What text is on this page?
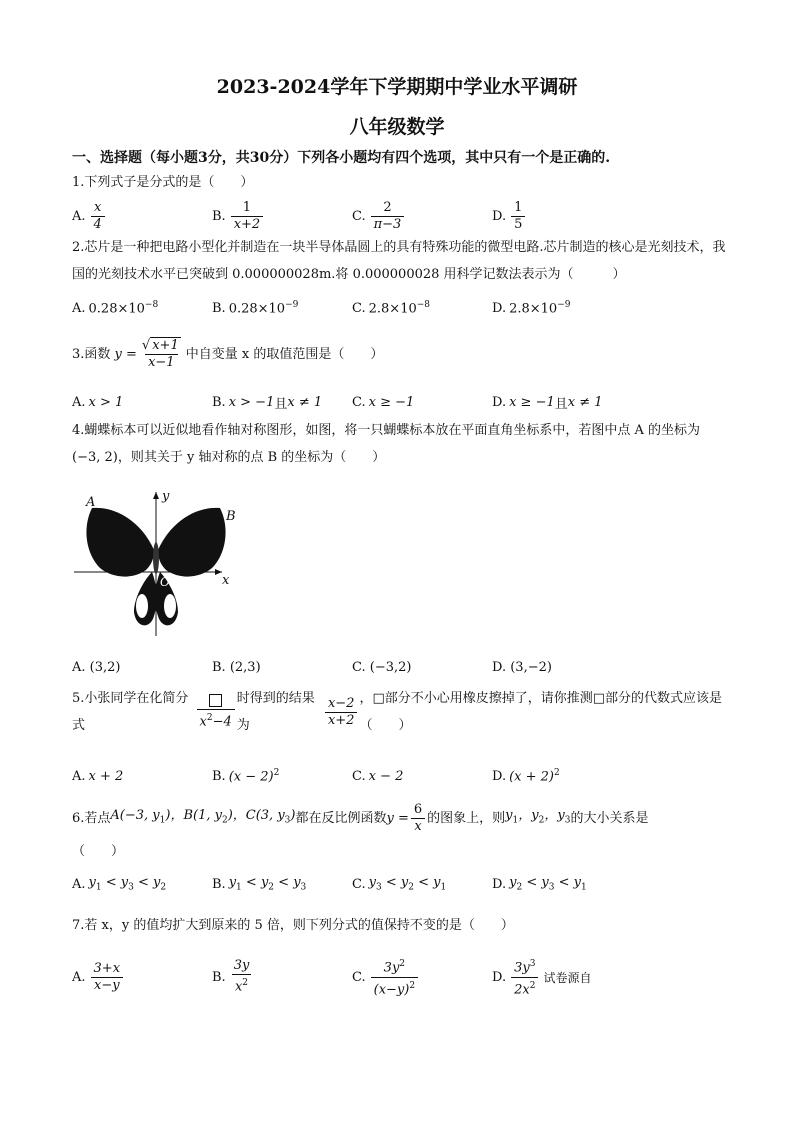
2023-2024学年下学期期中学业水平调研
八年级数学
一、选择题（每小题3分，共30分）下列各小题均有四个选项，其中只有一个是正确的.
1.下列式子是分式的是（　　）
A. $\frac{x}{4}$	B. $\frac{1}{x+2}$	C. $\frac{2}{\pi-3}$	D. $\frac{1}{5}$
2.芯片是一种把电路小型化并制造在一块半导体晶圆上的具有特殊功能的微型电路.芯片制造的核心是光刻技术，我国的光刻技术水平已突破到 0.000000028m.将 0.000000028 用科学记数法表示为（　　　）
A. $0.28\times 10^{-8}$	B. $0.28\times 10^{-9}$	C. $2.8\times 10^{-8}$	D. $2.8\times 10^{-9}$
3.函数 $y = \frac{√ x+1}{x-1}$ 中自变量 x 的取值范围是（　　）
A. x > 1	B. x > −1 且 x ≠ 1 C. x ≥ −1	D. x ≥ −1 且 x ≠ 1
4.蝴蝶标本可以近似地看作轴对称图形，如图，将一只蝴蝶标本放在平面直角坐标系中，若图中点 A 的坐标为 (−3, 2)，则其关于 y 轴对称的点 B 的坐标为（　　）
A
B
O	x
y
A. (3,2)	B. (2,3)	C. (−3,2)	D. (3,−2)
5.小张同学在化简分式	$x^2-4$
时得到的结果为	$\frac{x-2}{x+2}$ ，□部分不小心用橡皮擦掉了，请你推测□部分的代数式应该是（　　）
A. x + 2	B. $(x - 2)^2$	C. x − 2	D. $(x + 2)^2$
6.若点 A(−3, $y_1$)，B(1, $y_2$)，C(3, $y_3$) 都在反比例函数 $y = \frac{6}{x}$ 的图象上，则 $y_1$，$y_2$，$y_3$ 的大小关系是
（　　）
A. $y_1 < y_3 < y_2$	B. $y_1 < y_2 < y_3$	C. $y_3 < y_2 < y_1$	D. $y_2 < y_3 < y_1$
7.若 x，y 的值均扩大到原来的 5 倍，则下列分式的值保持不变的是（　　）
A. $\frac{3+x}{x-y}$	B. $\frac{3y}{x^2}$	C. $\frac{3y^2}{(x-y)^2}$	D. $\frac{3y^3}{2x^2}$ 试卷源自
